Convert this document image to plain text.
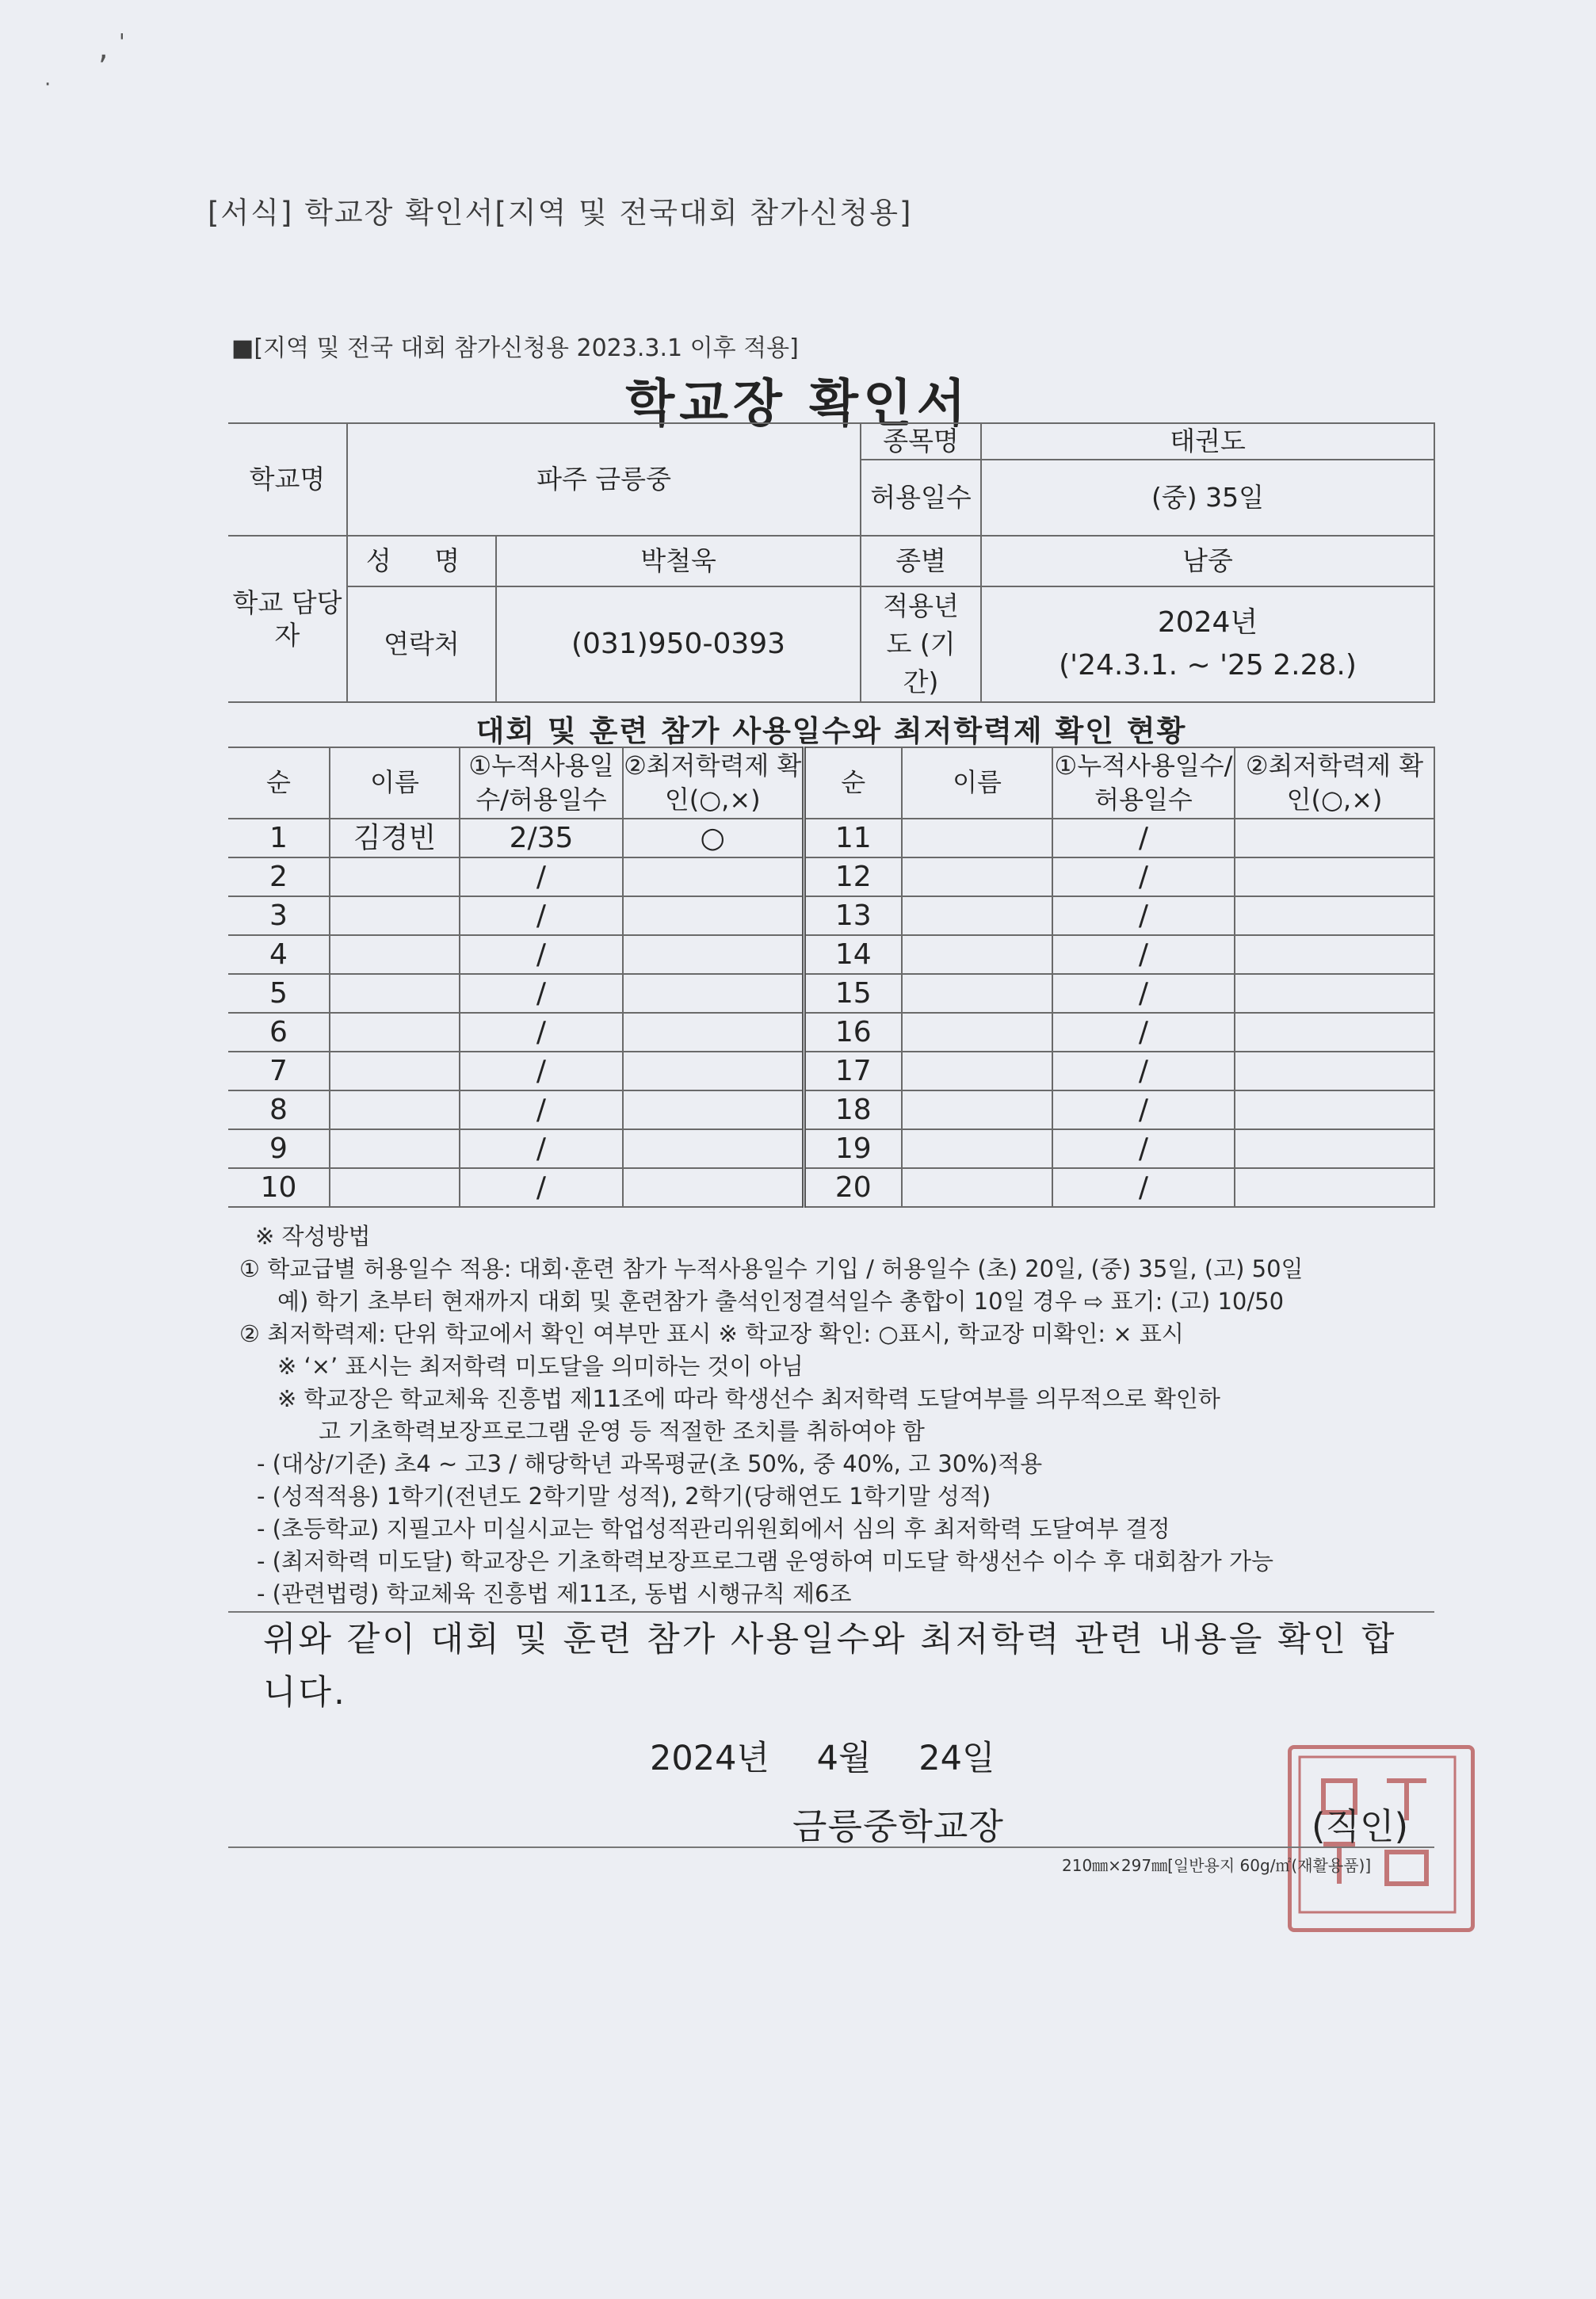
, '
·
[서식] 학교장 확인서[지역 및 전국대회 참가신청용]
■[지역 및 전국 대회 참가신청용 2023.3.1 이후 적용]
학교장 확인서
학교명	파주 금릉중		종목명	태권도
			허용일수	(중) 35일
학교 담당자	성 명	박철욱	종별	남중
	연락처	(031)950-0393	적용년도 (기간)	2024년
('24.3.1. ~ '25 2.28.)
대회 및 훈련 참가 사용일수와 최저학력제 확인 현황
순	이름	①누적사용일수/허용일수	②최저학력제 확인(○,×)	순	이름	①누적사용일수/허용일수	②최저학력제 확인(○,×)
1	김경빈	2/35	○	11		/	
2		/		12		/	
3		/		13		/	
4		/		14		/	
5		/		15		/	
6		/		16		/	
7		/		17		/	
8		/		18		/	
9		/		19		/	
10		/		20		/	
※ 작성방법
① 학교급별 허용일수 적용: 대회·훈련 참가 누적사용일수 기입 / 허용일수 (초) 20일, (중) 35일, (고) 50일
예) 학기 초부터 현재까지 대회 및 훈련참가 출석인정결석일수 총합이 10일 경우 ⇨ 표기: (고) 10/50
② 최저학력제: 단위 학교에서 확인 여부만 표시 ※ 학교장 확인: ○표시, 학교장 미확인: × 표시
※ ‘×’ 표시는 최저학력 미도달을 의미하는 것이 아님
※ 학교장은 학교체육 진흥법 제11조에 따라 학생선수 최저학력 도달여부를 의무적으로 확인하
고 기초학력보장프로그램 운영 등 적절한 조치를 취하여야 함
- (대상/기준) 초4 ~ 고3 / 해당학년 과목평균(초 50%, 중 40%, 고 30%)적용
- (성적적용) 1학기(전년도 2학기말 성적), 2학기(당해연도 1학기말 성적)
- (초등학교) 지필고사 미실시교는 학업성적관리위원회에서 심의 후 최저학력 도달여부 결정
- (최저학력 미도달) 학교장은 기초학력보장프로그램 운영하여 미도달 학생선수 이수 후 대회참가 가능
- (관련법령) 학교체육 진흥법 제11조, 동법 시행규칙 제6조
위와 같이 대회 및 훈련 참가 사용일수와 최저학력 관련 내용을 확인 합니다.
2024년 4월 24일
금릉중학교장	(직인)
210㎜×297㎜[일반용지 60g/㎡(재활용품)]
